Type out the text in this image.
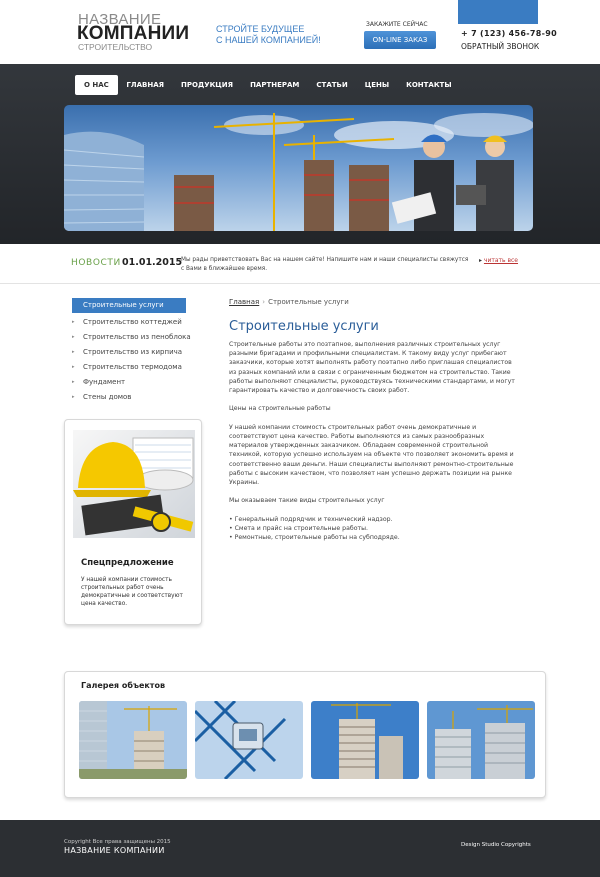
НАЗВАНИЕ
КОМПАНИИ
СТРОИТЕЛЬСТВО
СТРОЙТЕ БУДУЩЕЕ
С НАШЕЙ КОМПАНИЕЙ!
ЗАКАЖИТЕ СЕЙЧАС
ON-LINE ЗАКАЗ
+ 7 (123) 456-78-90
ОБРАТНЫЙ ЗВОНОК
О НАС	ГЛАВНАЯ	ПРОДУКЦИЯ	ПАРТНЕРАМ	СТАТЬИ	ЦЕНЫ	КОНТАКТЫ
НОВОСТИ 01.01.2015
Мы рады приветствовать Вас на нашем сайте! Напишите нам и наши специалисты свяжутся с Вами в ближайшее время.
▸ читать все
Строительные услуги
▸ Строительство коттеджей
▸ Строительство из пеноблока
▸ Строительство из кирпича
▸ Строительство термодома
▸ Фундамент
▸ Стены домов
Спецпредложение
У нашей компании стоимость строительных работ очень демократичные и соответствуют цена качество.
Главная › Строительные услуги
Строительные услуги

Строительные работы это позтапное, выполнения различных строительных услуг разными бригадами и профильными специалистам. К такому виду услуг прибегают заказчики, которые хотят выполнять работу поэтапно либо приглашая специалистов из разных компаний или в связи с ограниченным бюджетом на строительство. Такие работы выполняют специалисты, руководствуясь техническими стандартами, и могут гарантировать качество и долговечность своих работ.

Цены на строительные работы

У нашей компании стоимость строительных работ очень демократичные и соответствуют цена качество. Работы выполняются из самых разнообразных материалов утвержденных заказчиком. Обладаем современной строительной техникой, которую успешно используем на объекте что позволяет экономить время и соответственно ваши деньги. Наши специалисты выполняют ремонтно-строительные работы с высоким качеством, что позволяет нам успешно держать позиции на рынке Украины.

Мы оказываем такие виды строительных услуг

• Генеральный подрядчик и технический надзор.
• Смета и прайс на строительные работы.
• Ремонтные, строительные работы на субподряде.
Галерея объектов
Copyright Все права защищены 2015
НАЗВАНИЕ КОМПАНИИ
Design Studio Copyrights
